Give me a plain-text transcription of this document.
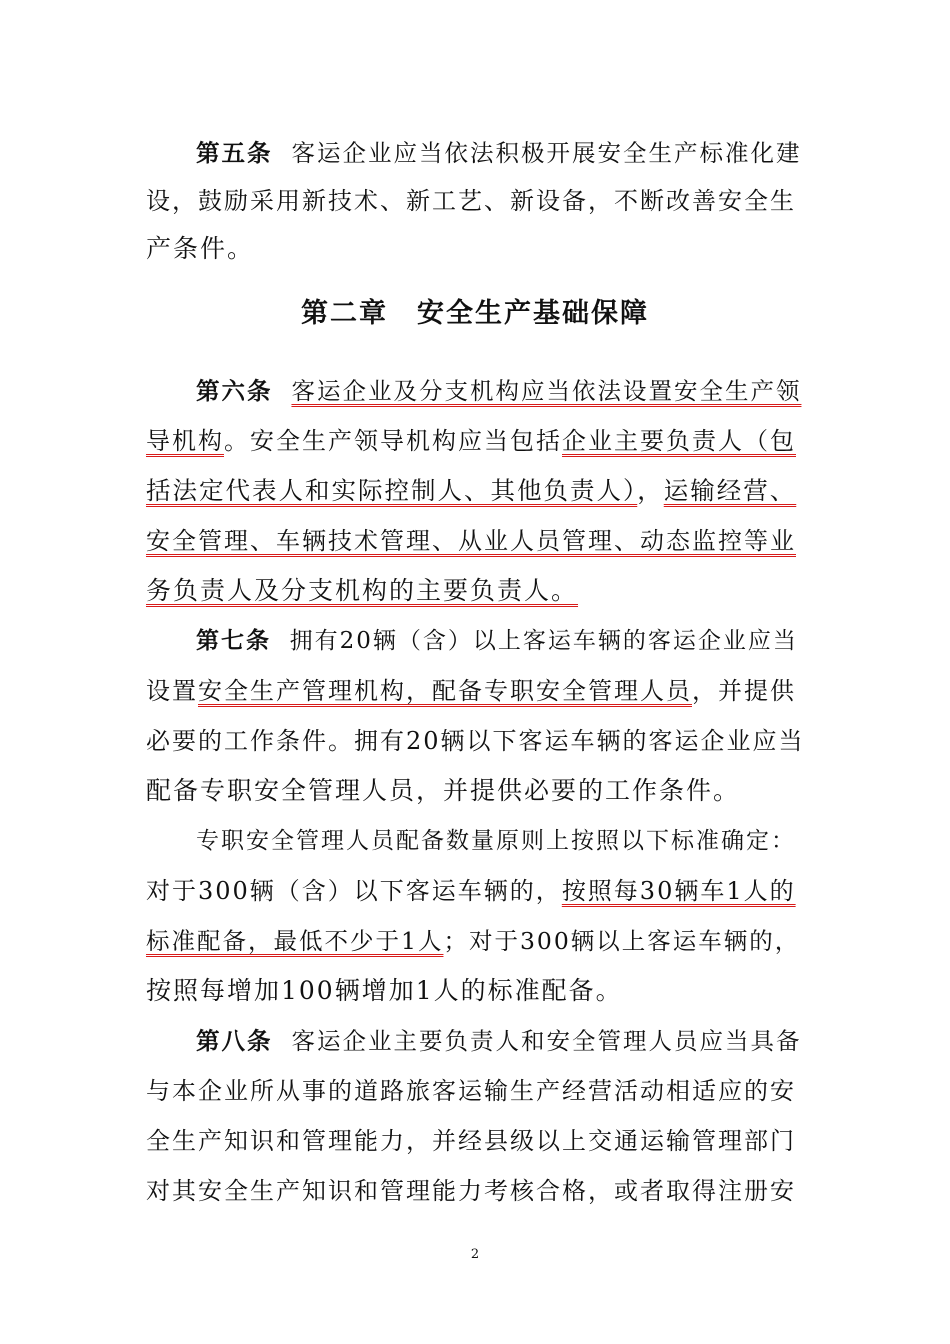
第五条 客运企业应当依法积极开展安全生产标准化建
设，鼓励采用新技术、新工艺、新设备，不断改善安全生
产条件。
第二章　安全生产基础保障
第六条 客运企业及分支机构应当依法设置安全生产领
导机构。安全生产领导机构应当包括企业主要负责人（包
括法定代表人和实际控制人、其他负责人），运输经营、
安全管理、车辆技术管理、从业人员管理、动态监控等业
务负责人及分支机构的主要负责人。
第七条 拥有20辆（含）以上客运车辆的客运企业应当
设置安全生产管理机构，配备专职安全管理人员，并提供
必要的工作条件。拥有20辆以下客运车辆的客运企业应当
配备专职安全管理人员，并提供必要的工作条件。
专职安全管理人员配备数量原则上按照以下标准确定：
对于300辆（含）以下客运车辆的，按照每30辆车1人的
标准配备，最低不少于1人；对于300辆以上客运车辆的，
按照每增加100辆增加1人的标准配备。
第八条 客运企业主要负责人和安全管理人员应当具备
与本企业所从事的道路旅客运输生产经营活动相适应的安
全生产知识和管理能力，并经县级以上交通运输管理部门
对其安全生产知识和管理能力考核合格，或者取得注册安
2
